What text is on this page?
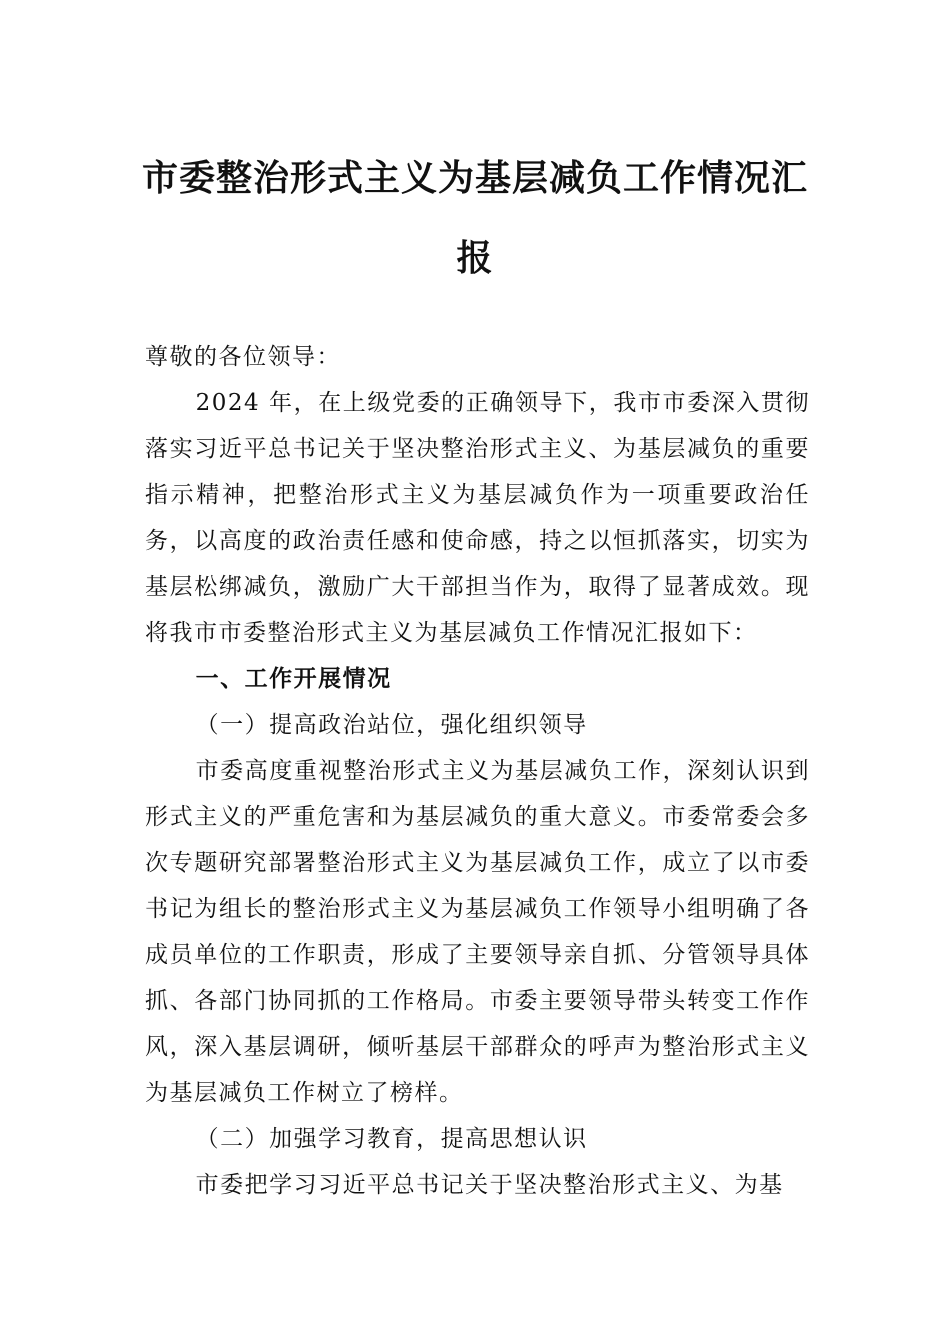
市委整治形式主义为基层减负工作情况汇报

尊敬的各位领导：

2024 年，在上级党委的正确领导下，我市市委深入贯彻落实习近平总书记关于坚决整治形式主义、为基层减负的重要指示精神，把整治形式主义为基层减负作为一项重要政治任务，以高度的政治责任感和使命感，持之以恒抓落实，切实为基层松绑减负，激励广大干部担当作为，取得了显著成效。现将我市市委整治形式主义为基层减负工作情况汇报如下：

一、工作开展情况

（一）提高政治站位，强化组织领导

市委高度重视整治形式主义为基层减负工作，深刻认识到形式主义的严重危害和为基层减负的重大意义。市委常委会多次专题研究部署整治形式主义为基层减负工作，成立了以市委书记为组长的整治形式主义为基层减负工作领导小组明确了各成员单位的工作职责，形成了主要领导亲自抓、分管领导具体抓、各部门协同抓的工作格局。市委主要领导带头转变工作作风，深入基层调研，倾听基层干部群众的呼声为整治形式主义为基层减负工作树立了榜样。

（二）加强学习教育，提高思想认识

市委把学习习近平总书记关于坚决整治形式主义、为基
